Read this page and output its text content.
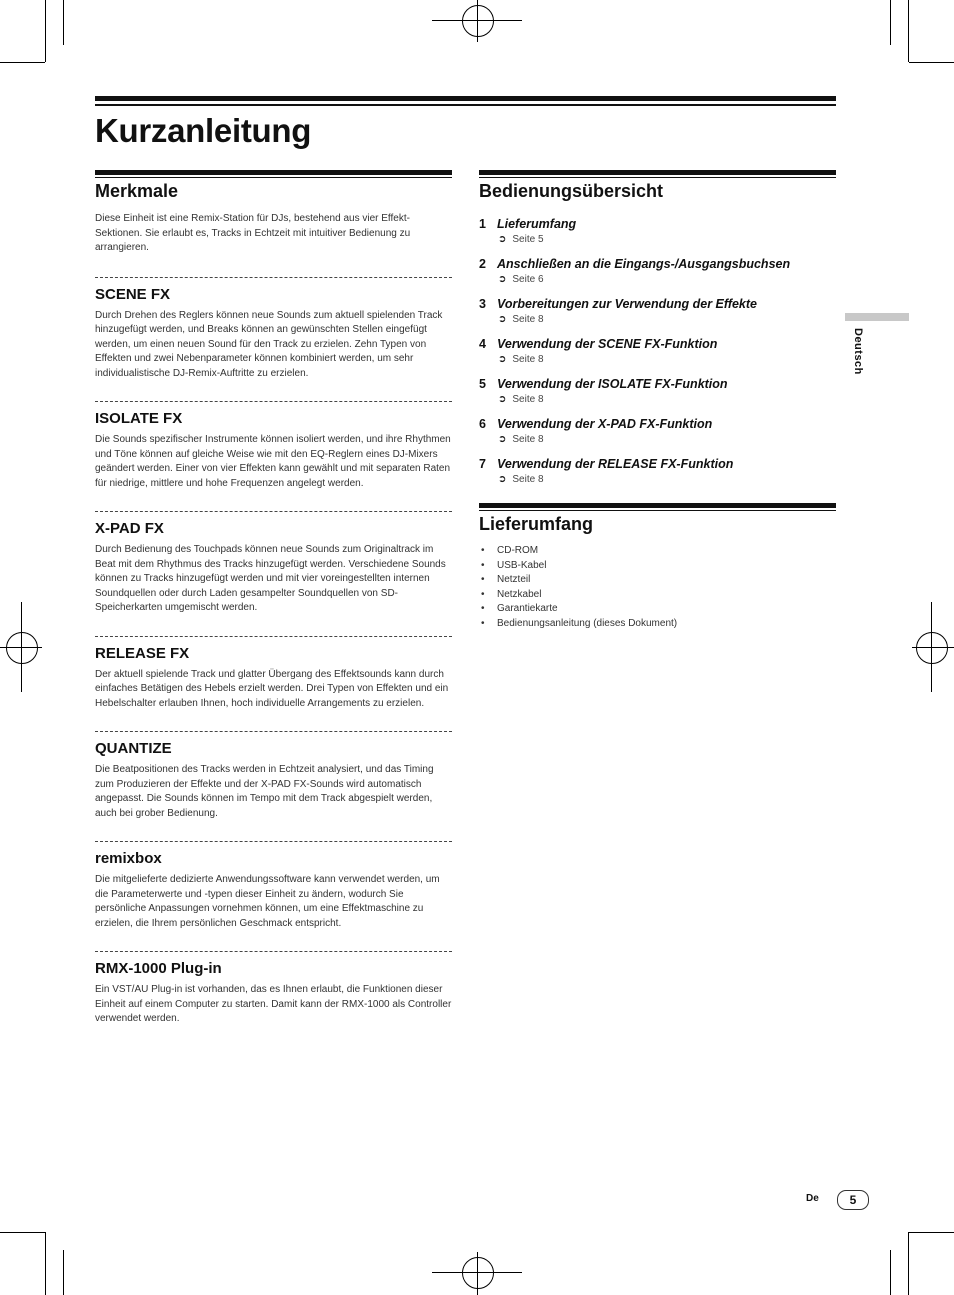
Kurzanleitung
Merkmale

Diese Einheit ist eine Remix-Station für DJs, bestehend aus vier Effekt-Sektionen. Sie erlaubt es, Tracks in Echtzeit mit intuitiver Bedienung zu arrangieren.

SCENE FX

Durch Drehen des Reglers können neue Sounds zum aktuell spielenden Track hinzugefügt werden, und Breaks können an gewünschten Stellen eingefügt werden, um einen neuen Sound für den Track zu erzielen. Zehn Typen von Effekten und zwei Nebenparameter können kombiniert werden, um sehr individualistische DJ-Remix-Auftritte zu erzielen.

ISOLATE FX

Die Sounds spezifischer Instrumente können isoliert werden, und ihre Rhythmen und Töne können auf gleiche Weise wie mit den EQ-Reglern eines DJ-Mixers geändert werden. Einer von vier Effekten kann gewählt und mit separaten Raten für niedrige, mittlere und hohe Frequenzen angelegt werden.

X-PAD FX

Durch Bedienung des Touchpads können neue Sounds zum Originaltrack im Beat mit dem Rhythmus des Tracks hinzugefügt werden. Verschiedene Sounds können zu Tracks hinzugefügt werden und mit vier voreingestellten internen Soundquellen oder durch Laden gesampelter Soundquellen von SD-Speicherkarten umgemischt werden.

RELEASE FX

Der aktuell spielende Track und glatter Übergang des Effektsounds kann durch einfaches Betätigen des Hebels erzielt werden. Drei Typen von Effekten und ein Hebelschalter erlauben Ihnen, hoch individuelle Arrangements zu erzielen.

QUANTIZE

Die Beatpositionen des Tracks werden in Echtzeit analysiert, und das Timing zum Produzieren der Effekte und der X-PAD FX-Sounds wird automatisch angepasst. Die Sounds können im Tempo mit dem Track abgespielt werden, auch bei grober Bedienung.

remixbox

Die mitgelieferte dedizierte Anwendungssoftware kann verwendet werden, um die Parameterwerte und -typen dieser Einheit zu ändern, wodurch Sie persönliche Anpassungen vornehmen können, um eine Effektmaschine zu erzielen, die Ihrem persönlichen Geschmack entspricht.

RMX-1000 Plug-in

Ein VST/AU Plug-in ist vorhanden, das es Ihnen erlaubt, die Funktionen dieser Einheit auf einem Computer zu starten. Damit kann der RMX-1000 als Controller verwendet werden.

Bedienungsübersicht
1 Lieferumfang
➲ Seite 5
2 Anschließen an die Eingangs-/Ausgangsbuchsen
➲ Seite 6
3 Vorbereitungen zur Verwendung der Effekte
➲ Seite 8
4 Verwendung der SCENE FX-Funktion
➲ Seite 8
5 Verwendung der ISOLATE FX-Funktion
➲ Seite 8
6 Verwendung der X-PAD FX-Funktion
➲ Seite 8
7 Verwendung der RELEASE FX-Funktion
➲ Seite 8
Lieferumfang
• CD-ROM
• USB-Kabel
• Netzteil
• Netzkabel
• Garantiekarte
• Bedienungsanleitung (dieses Dokument)
Deutsch
De	5
